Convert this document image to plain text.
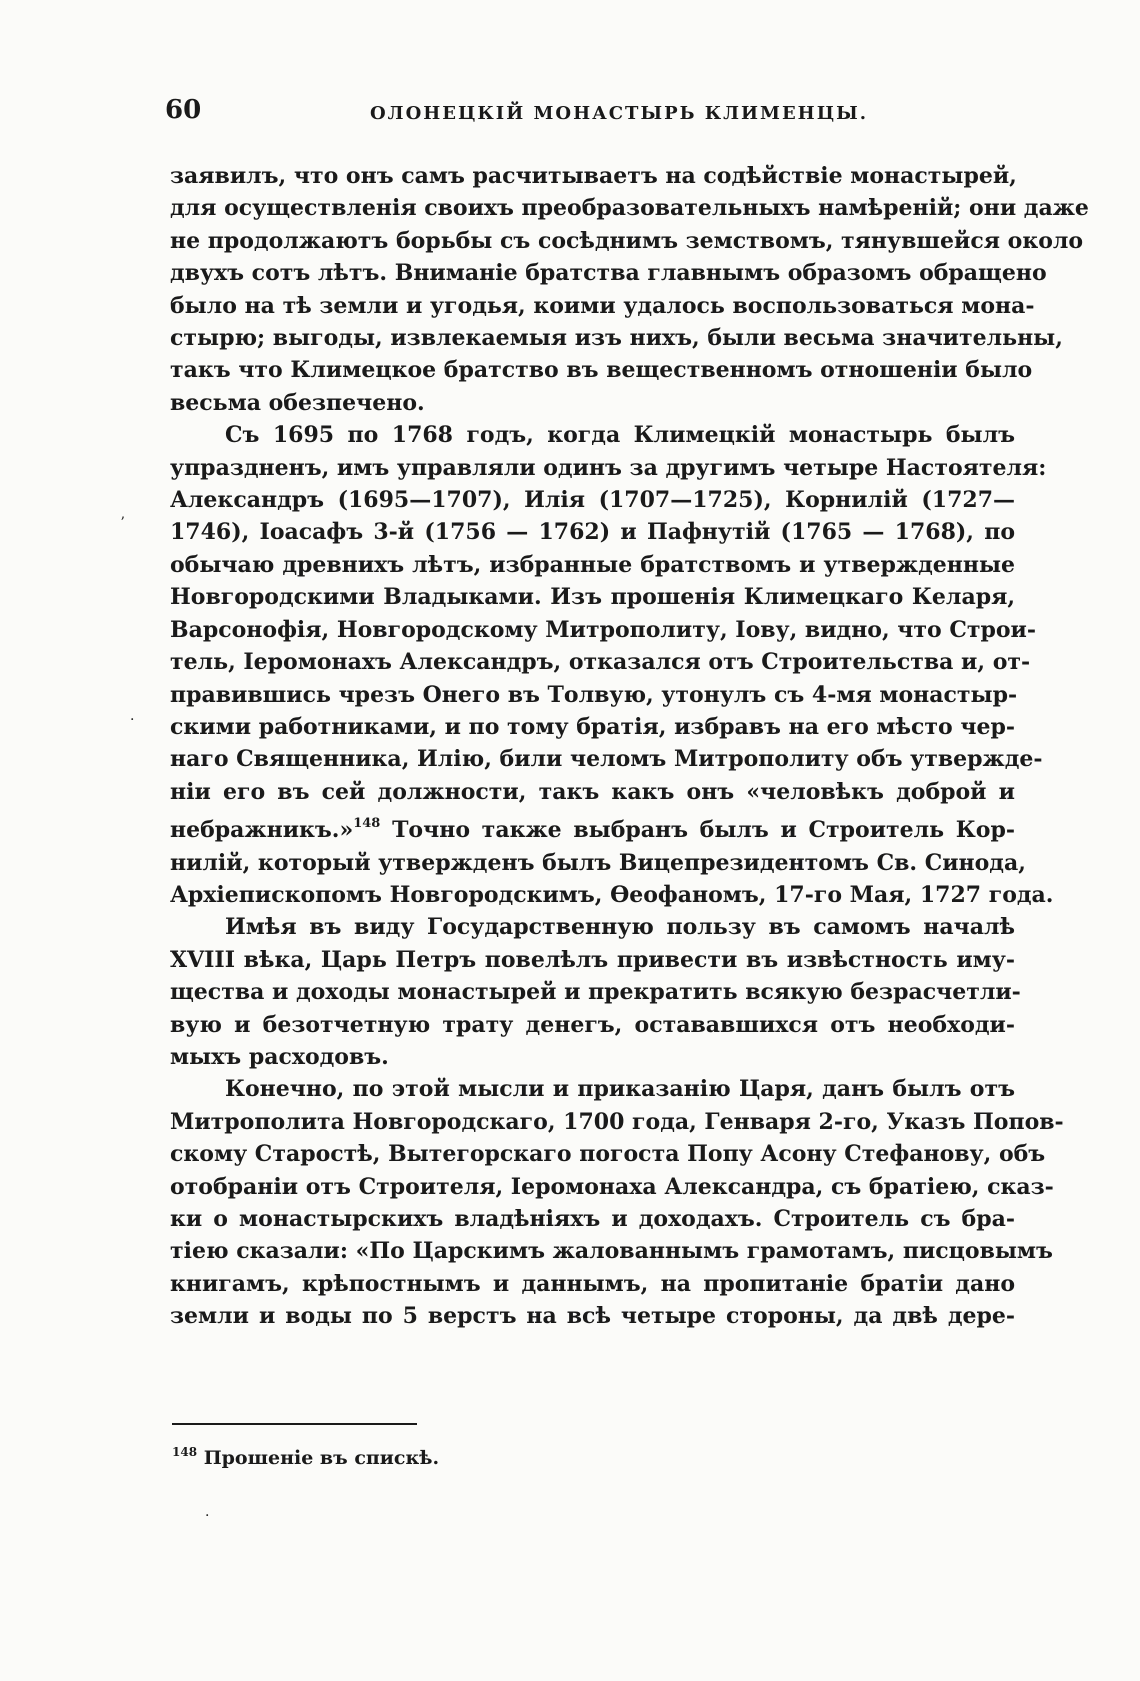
60	ОЛОНЕЦКІЙ МОНАСТЫРЬ КЛИМЕНЦЫ.
заявилъ, что онъ самъ расчитываетъ на содѣйствіе монастырей,
для осуществленія своихъ преобразовательныхъ намѣреній; они даже
не продолжаютъ борьбы съ сосѣднимъ земствомъ, тянувшейся около
двухъ сотъ лѣтъ. Вниманіе братства главнымъ образомъ обращено
было на тѣ земли и угодья, коими удалось воспользоваться мона-
стырю; выгоды, извлекаемыя изъ нихъ, были весьма значительны,
такъ что Климецкое братство въ вещественномъ отношеніи было
весьма обезпечено.
Съ 1695 по 1768 годъ, когда Климецкій монастырь былъ
упраздненъ, имъ управляли одинъ за другимъ четыре Настоятеля:
Александръ (1695—1707), Илія (1707—1725), Корнилій (1727—
1746), Іоасафъ 3-й (1756 — 1762) и Пафнутій (1765 — 1768), по
обычаю древнихъ лѣтъ, избранные братствомъ и утвержденные
Новгородскими Владыками. Изъ прошенія Климецкаго Келаря,
Варсонофія, Новгородскому Митрополиту, Іову, видно, что Строи-
тель, Іеромонахъ Александръ, отказался отъ Строительства и, от-
правившись чрезъ Онего въ Толвую, утонулъ съ 4-мя монастыр-
скими работниками, и по тому братія, избравъ на его мѣсто чер-
наго Священника, Илію, били челомъ Митрополиту объ утвержде-
ніи его въ сей должности, такъ какъ онъ «человѣкъ доброй и
небражникъ.»$^{148}$ Точно также выбранъ былъ и Строитель Кор-
нилій, который утвержденъ былъ Вицепрезидентомъ Св. Синода,
Архіепископомъ Новгородскимъ, Ѳеофаномъ, 17-го Мая, 1727 года.
Имѣя въ виду Государственную пользу въ самомъ началѣ
XVIII вѣка, Царь Петръ повелѣлъ привести въ извѣстность иму-
щества и доходы монастырей и прекратить всякую безрасчетли-
вую и безотчетную трату денегъ, остававшихся отъ необходи-
мыхъ расходовъ.
Конечно, по этой мысли и приказанію Царя, данъ былъ отъ
Митрополита Новгородскаго, 1700 года, Генваря 2-го, Указъ Попов-
скому Старостѣ, Вытегорскаго погоста Попу Асону Стефанову, объ
отобраніи отъ Строителя, Іеромонаха Александра, съ братіею, сказ-
ки о монастырскихъ владѣніяхъ и доходахъ. Строитель съ бра-
тіею сказали: «По Царскимъ жалованнымъ грамотамъ, писцовымъ
книгамъ, крѣпостнымъ и даннымъ, на пропитаніе братіи дано
земли и воды по 5 верстъ на всѣ четыре стороны, да двѣ дере-
$^{148}$ Прошеніе въ спискѣ.
ʼ
·
·
